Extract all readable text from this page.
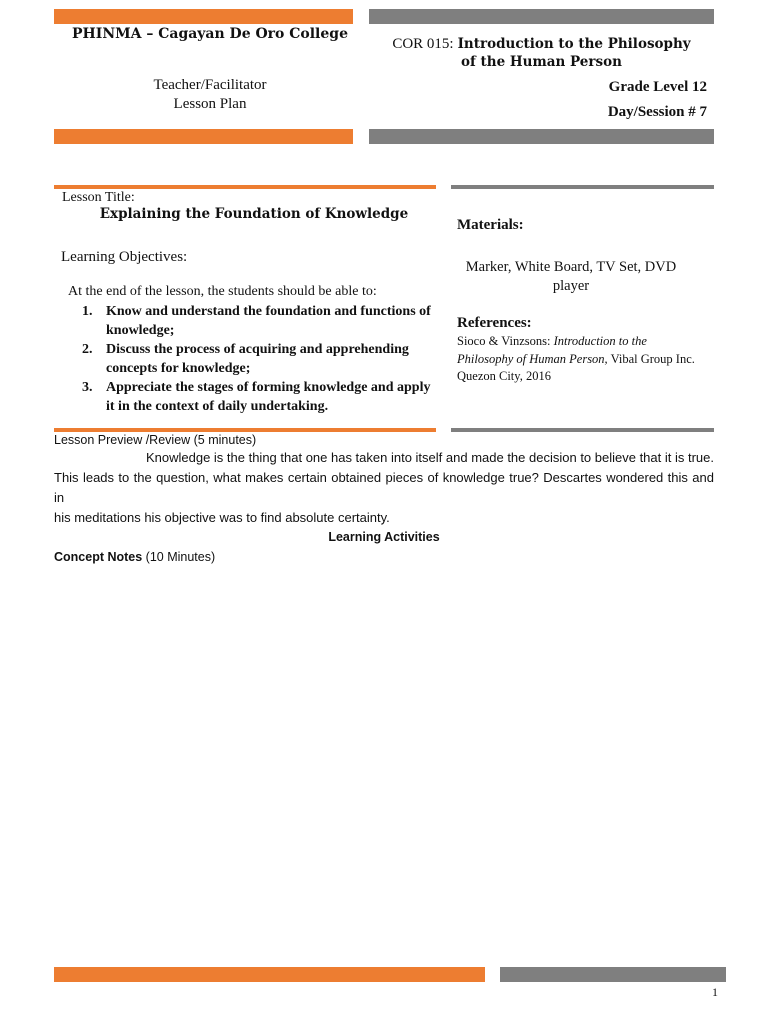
PHINMA – Cagayan De Oro College
Teacher/Facilitator
Lesson Plan
COR 015: Introduction to the Philosophy
of the Human Person
Grade Level 12
Day/Session # 7
Lesson Title:
Explaining the Foundation of Knowledge
Learning Objectives:
At the end of the lesson, the students should be able to:
1. Know and understand the foundation and functions of
knowledge;
2. Discuss the process of acquiring and apprehending
concepts for knowledge;
3. Appreciate the stages of forming knowledge and apply
it in the context of daily undertaking.
Materials:
Marker, White Board, TV Set, DVD
player
References:
Sioco & Vinzsons: Introduction to the
Philosophy of Human Person, Vibal Group Inc.
Quezon City, 2016
Lesson Preview /Review (5 minutes)
Knowledge is the thing that one has taken into itself and made the decision to believe that it is true.
This leads to the question, what makes certain obtained pieces of knowledge true? Descartes wondered this and in
his meditations his objective was to find absolute certainty.
Learning Activities
Concept Notes (10 Minutes)
1
